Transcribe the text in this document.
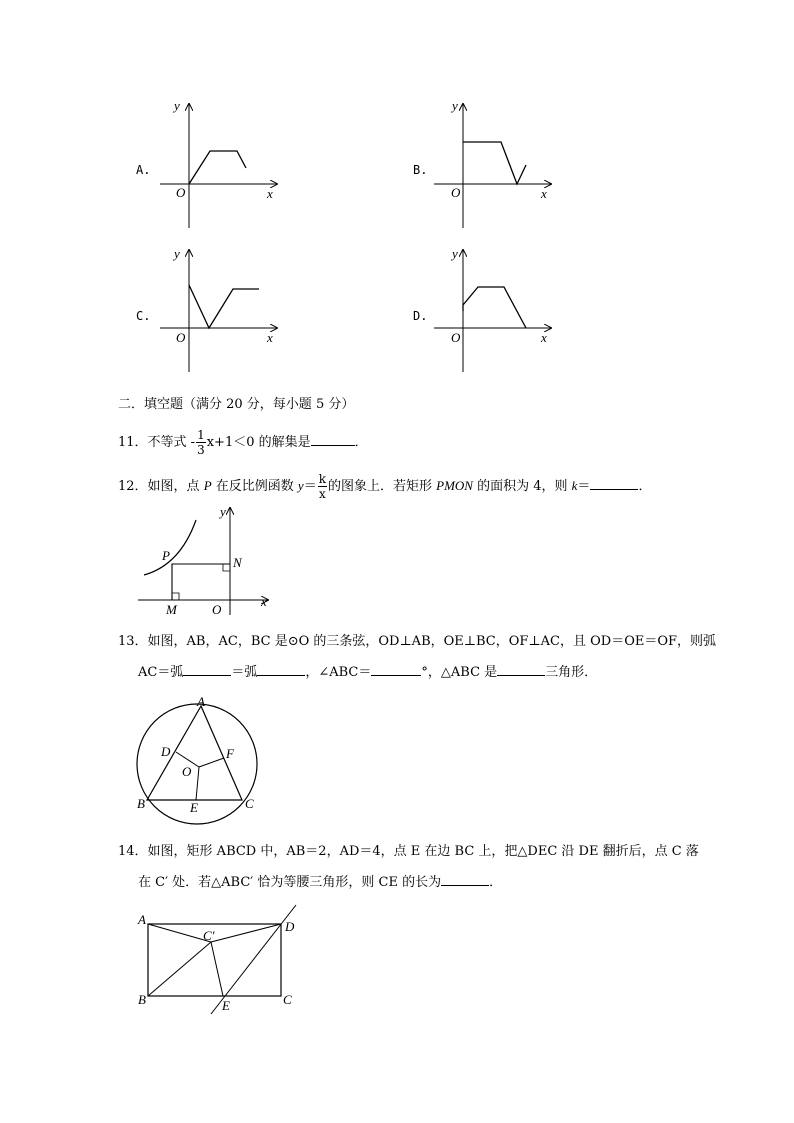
A.
y
x
O
B.
y
x
O
C.
y
x
O
D.
y
x
O
二．填空题（满分 20 分，每小题 5 分）
11．不等式 - $\frac{1}{3} x+1<0$ 的解集是	．
12．如图，点 P 在反比例函数 $y= \frac{k}{x}$ 的图象上．若矩形 PMON 的面积为 4，则 k＝	．
y
x
P	N
M	O
13．如图，AB，AC，BC 是⊙O 的三条弦，OD⊥AB，OE⊥BC，OF⊥AC，且 OD＝OE＝OF，则弧
AC＝弧	＝弧	，∠ABC＝	°，△ABC 是	三角形．
A
B	C
D
E
F
O
14．如图，矩形 ABCD 中，AB＝2，AD＝4，点 E 在边 BC 上，把△DEC 沿 DE 翻折后，点 C 落
在 C′ 处．若△ABC′ 恰为等腰三角形，则 CE 的长为	．
A
B	C
D
E
C′
